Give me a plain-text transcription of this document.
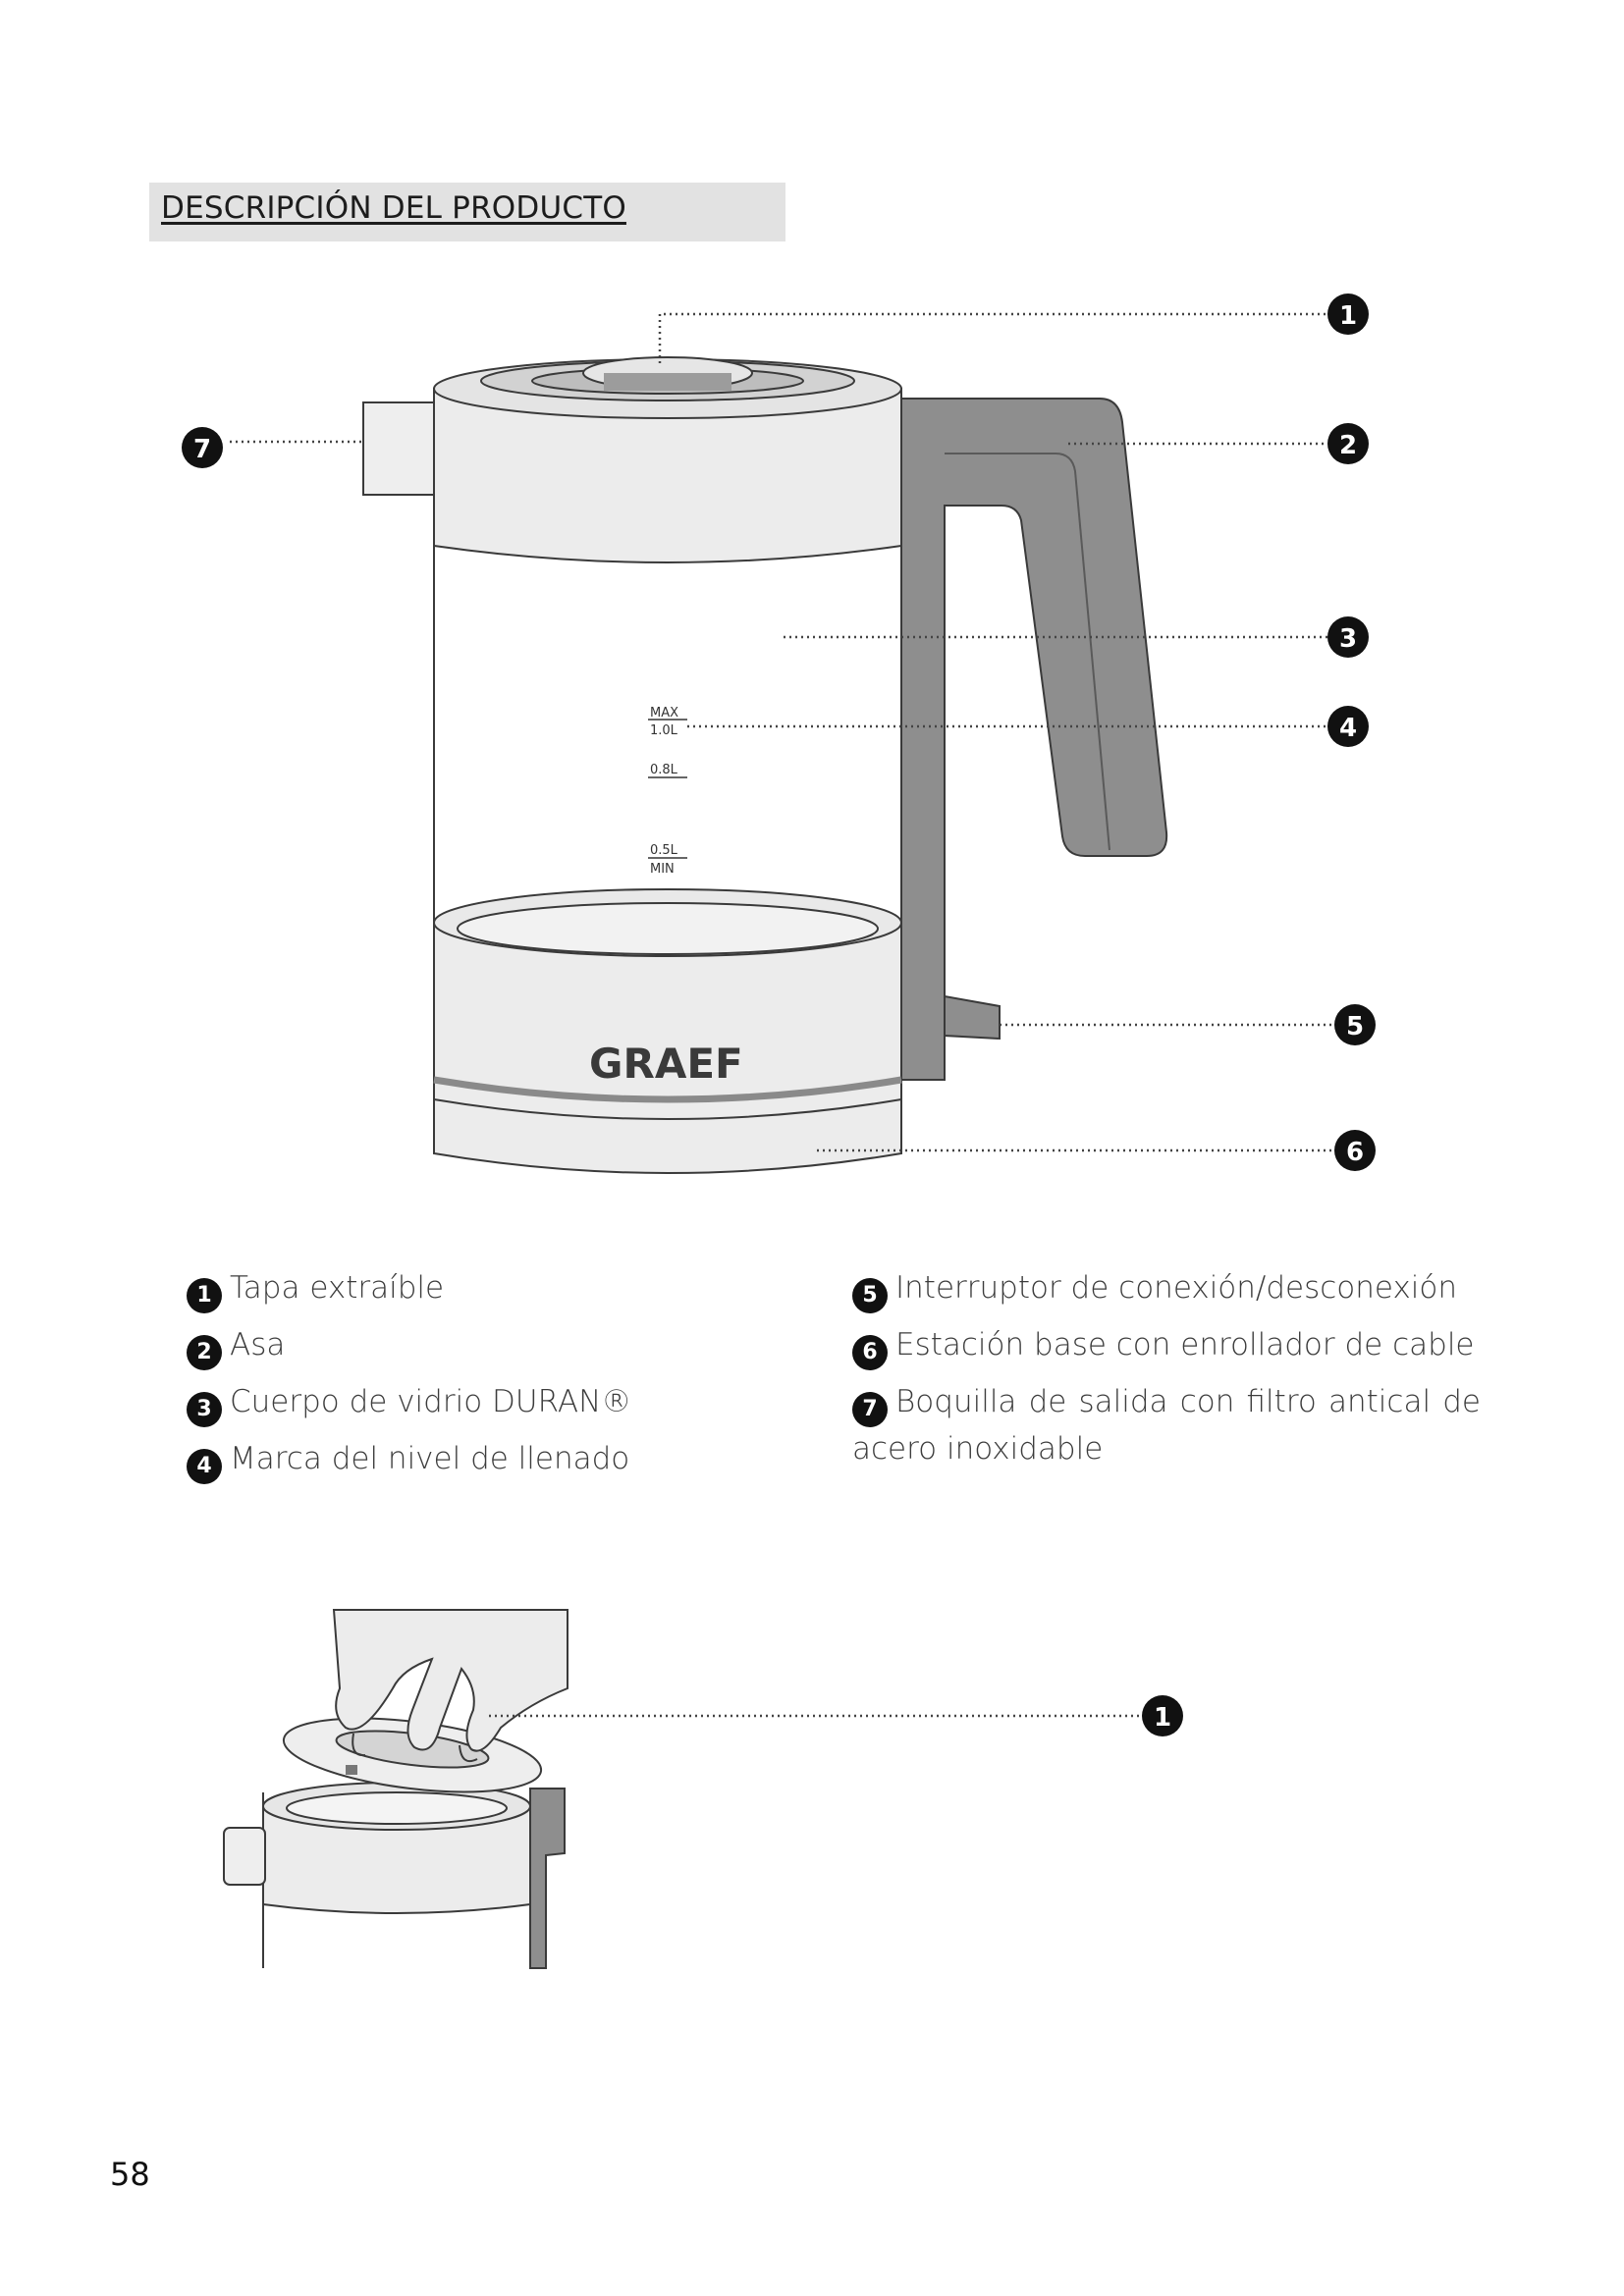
DESCRIPCIÓN DEL PRODUCTO
MAX
1.0L
0.8L
0.5L
MIN
GRAEF
1
2
3
4
5
6
7
1
1 Tapa extraíble
2 Asa
3 Cuerpo de vidrio DURAN®
4 Marca del nivel de llenado
5 Interruptor de conexión/desconexión
6 Estación base con enrollador de cable
7 Boquilla de salida con filtro antical de acero inoxidable
58
